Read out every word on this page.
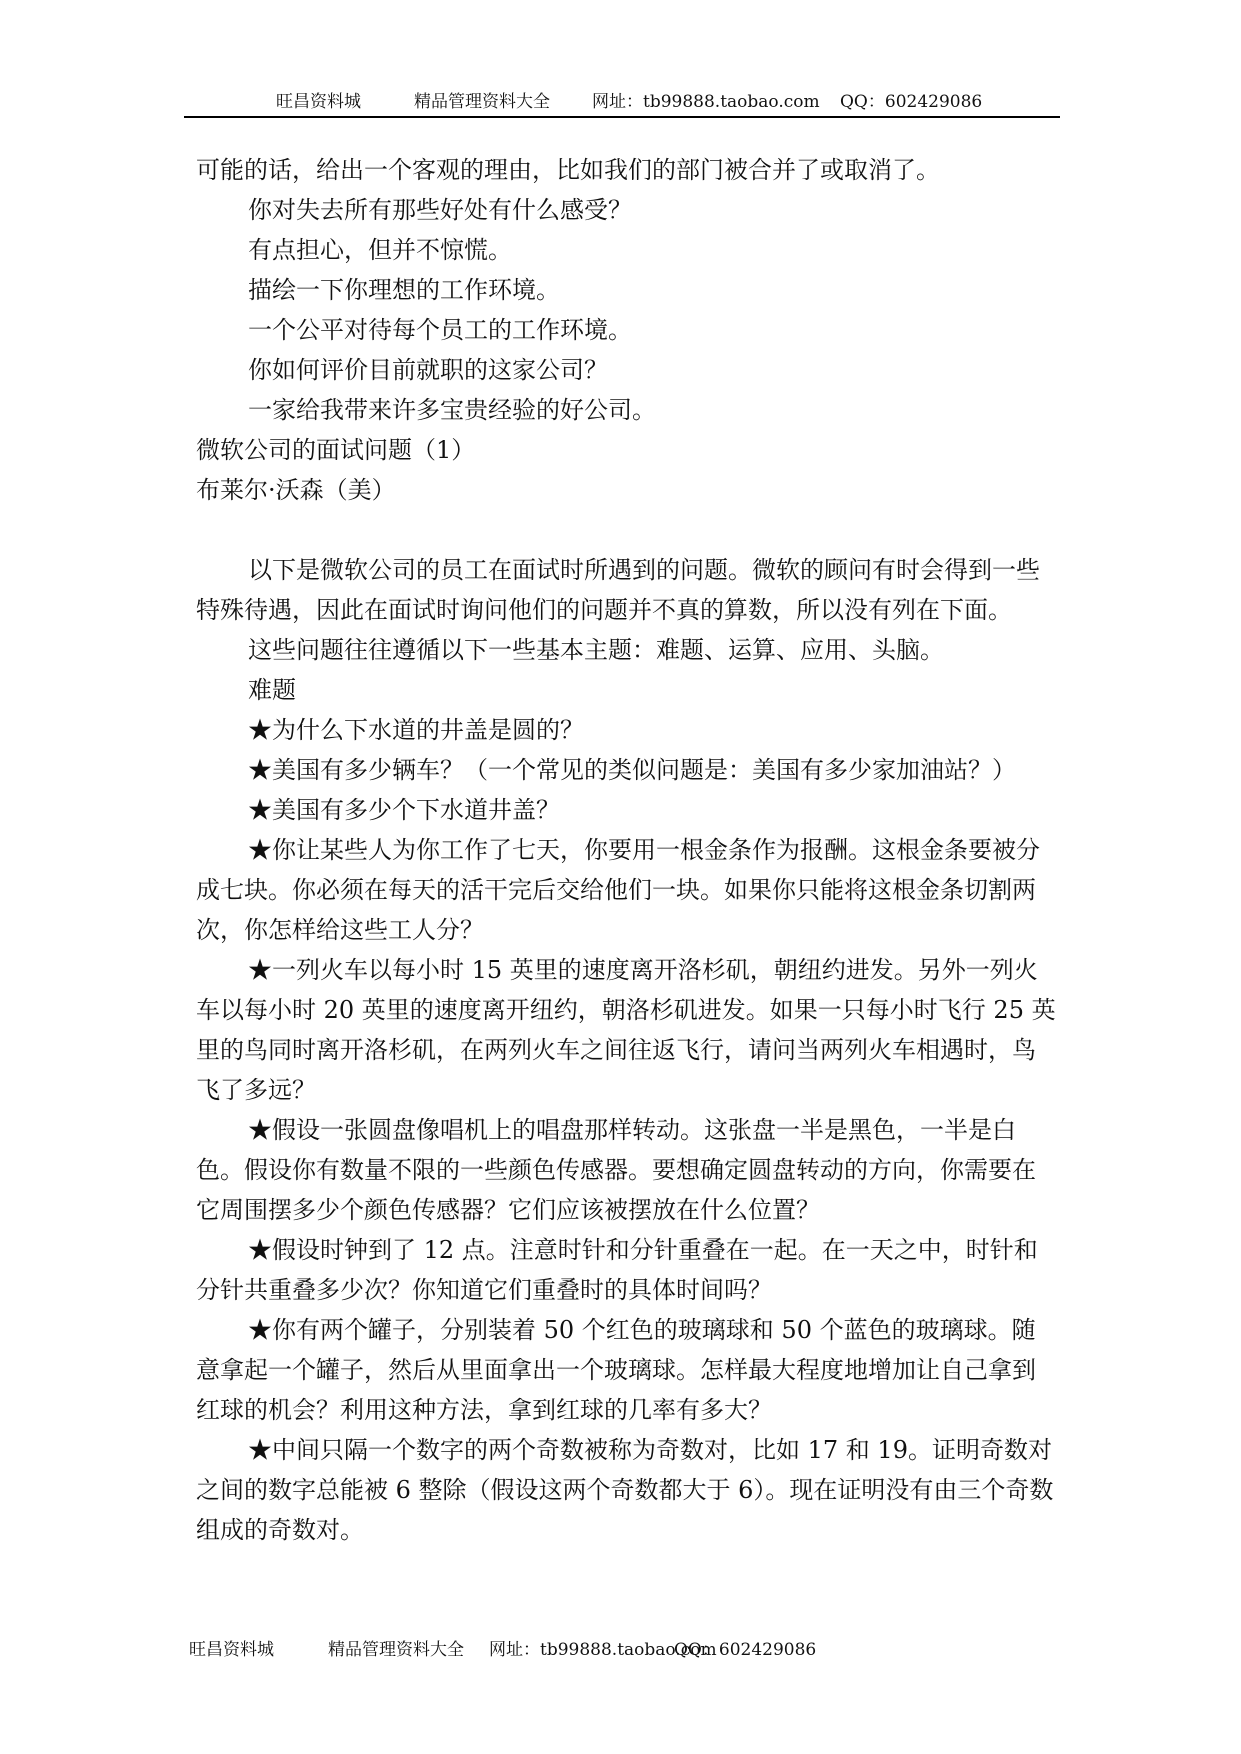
旺昌资料城	精品管理资料大全 网址：tb99888.taobao.com QQ：602429086

可能的话，给出一个客观的理由，比如我们的部门被合并了或取消了。

你对失去所有那些好处有什么感受？

有点担心，但并不惊慌。

描绘一下你理想的工作环境。

一个公平对待每个员工的工作环境。

你如何评价目前就职的这家公司？

一家给我带来许多宝贵经验的好公司。

微软公司的面试问题（1）

布莱尔·沃森（美）

以下是微软公司的员工在面试时所遇到的问题。微软的顾问有时会得到一些特殊待遇，因此在面试时询问他们的问题并不真的算数，所以没有列在下面。

这些问题往往遵循以下一些基本主题：难题、运算、应用、头脑。

难题

★为什么下水道的井盖是圆的？

★美国有多少辆车？（一个常见的类似问题是：美国有多少家加油站？）

★美国有多少个下水道井盖？

★你让某些人为你工作了七天，你要用一根金条作为报酬。这根金条要被分成七块。你必须在每天的活干完后交给他们一块。如果你只能将这根金条切割两次，你怎样给这些工人分？

★一列火车以每小时 15 英里的速度离开洛杉矶，朝纽约进发。另外一列火车以每小时 20 英里的速度离开纽约，朝洛杉矶进发。如果一只每小时飞行 25 英里的鸟同时离开洛杉矶，在两列火车之间往返飞行，请问当两列火车相遇时，鸟飞了多远？

★假设一张圆盘像唱机上的唱盘那样转动。这张盘一半是黑色，一半是白色。假设你有数量不限的一些颜色传感器。要想确定圆盘转动的方向，你需要在它周围摆多少个颜色传感器？它们应该被摆放在什么位置？

★假设时钟到了 12 点。注意时针和分针重叠在一起。在一天之中，时针和分针共重叠多少次？你知道它们重叠时的具体时间吗？

★你有两个罐子，分别装着 50 个红色的玻璃球和 50 个蓝色的玻璃球。随意拿起一个罐子，然后从里面拿出一个玻璃球。怎样最大程度地增加让自己拿到红球的机会？利用这种方法，拿到红球的几率有多大？

★中间只隔一个数字的两个奇数被称为奇数对，比如 17 和 19。证明奇数对之间的数字总能被 6 整除（假设这两个奇数都大于 6）。现在证明没有由三个奇数组成的奇数对。

旺昌资料城	精品管理资料大全 网址：tb99888.taobao.com
QQ：602429086
